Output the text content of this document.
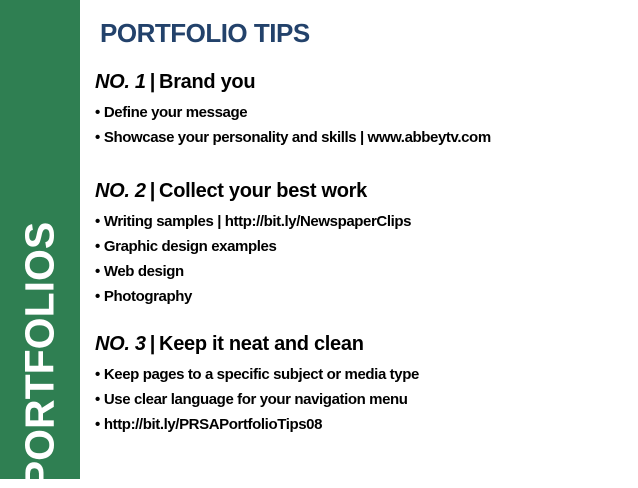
PORTFOLIOS
PORTFOLIO TIPS
NO. 1 | Brand you
• Define your message
• Showcase your personality and skills | www.abbeytv.com
NO. 2 | Collect your best work
• Writing samples | http://bit.ly/NewspaperClips
• Graphic design examples
• Web design
• Photography
NO. 3 | Keep it neat and clean
• Keep pages to a specific subject or media type
• Use clear language for your navigation menu
• http://bit.ly/PRSAPortfolioTips08
